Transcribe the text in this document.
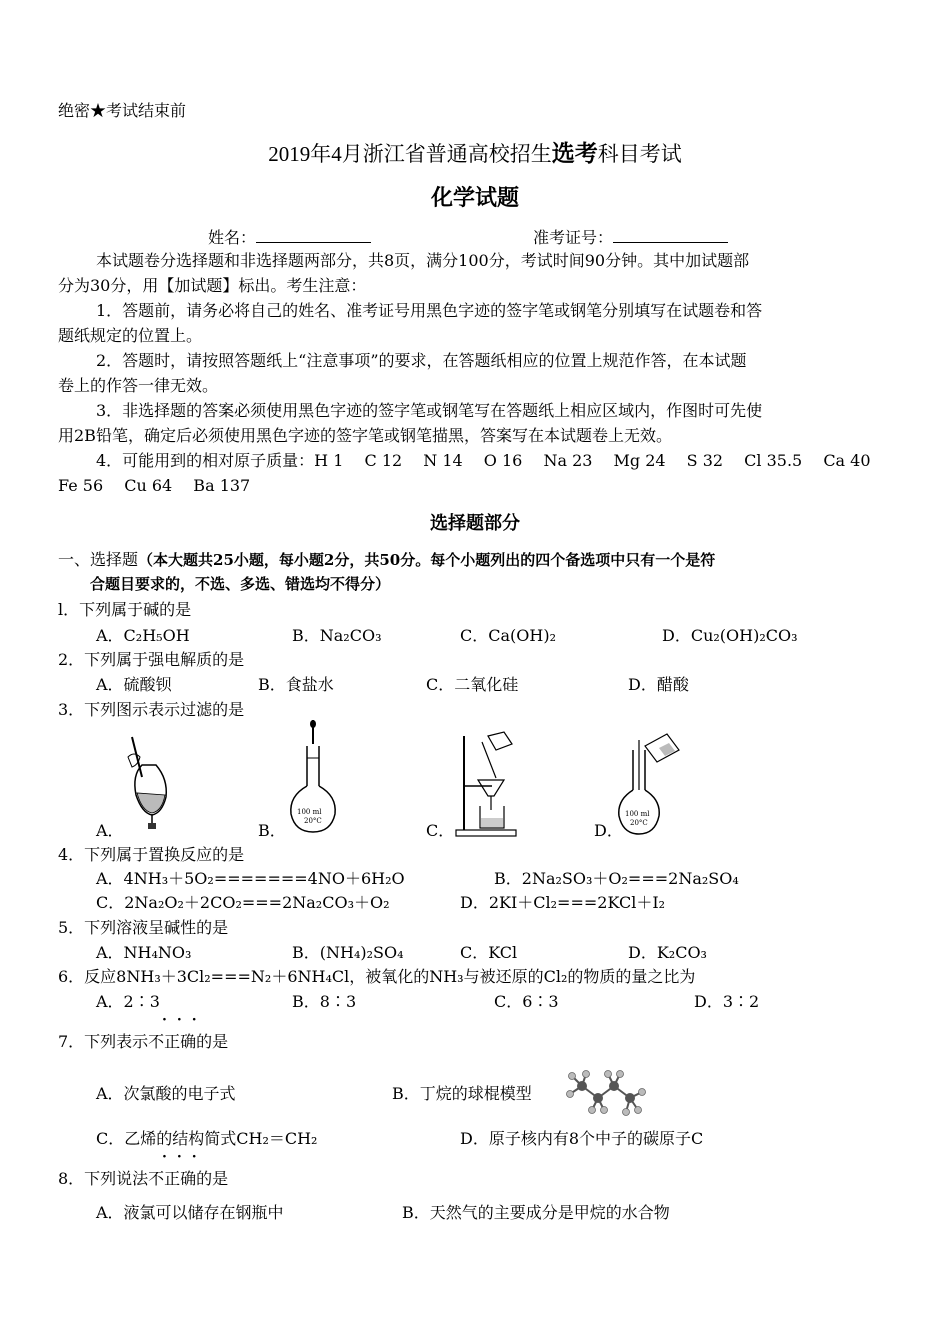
绝密★考试结束前
2019年4月浙江省普通高校招生选考科目考试
化学试题
姓名：	准考证号：
本试题卷分选择题和非选择题两部分，共8页，满分100分，考试时间90分钟。其中加试题部
分为30分，用【加试题】标出。考生注意：
1．答题前，请务必将自己的姓名、准考证号用黑色字迹的签字笔或钢笔分别填写在试题卷和答
题纸规定的位置上。
2．答题时，请按照答题纸上“注意事项”的要求，在答题纸相应的位置上规范作答，在本试题
卷上的作答一律无效。
3．非选择题的答案必须使用黑色字迹的签字笔或钢笔写在答题纸上相应区域内，作图时可先使
用2B铅笔，确定后必须使用黑色字迹的签字笔或钢笔描黑，答案写在本试题卷上无效。
4．可能用到的相对原子质量：H 1　 C 12　 N 14　 O 16　 Na 23　 Mg 24　 S 32　 Cl 35.5　 Ca 40
Fe 56　 Cu 64　 Ba 137
选择题部分
一、选择题（本大题共25小题，每小题2分，共50分。每个小题列出的四个备选项中只有一个是符
合题目要求的，不选、多选、错选均不得分）
l．下列属于碱的是
A．C₂H₅OH	B．Na₂CO₃	C．Ca(OH)₂	D．Cu₂(OH)₂CO₃
2．下列属于强电解质的是
A．硫酸钡	B．食盐水	C．二氧化硅	D．醋酸
3．下列图示表示过滤的是
A．	B．	C．	D．
100 ml
20°C
100 ml
20°C
4．下列属于置换反应的是
A．4NH₃＋5O₂=======4NO＋6H₂O	B．2Na₂SO₃＋O₂===2Na₂SO₄
C．2Na₂O₂＋2CO₂===2Na₂CO₃＋O₂	D．2KI＋Cl₂===2KCl＋I₂
5．下列溶液呈碱性的是
A．NH₄NO₃	B．(NH₄)₂SO₄	C．KCl	D．K₂CO₃
6．反应8NH₃＋3Cl₂===N₂＋6NH₄Cl，被氧化的NH₃与被还原的Cl₂的物质的量之比为
A．2∶3	B．8∶3	C．6∶3	D．3∶2
···
7．下列表示不正确的是
A．次氯酸的电子式	B．丁烷的球棍模型
C．乙烯的结构简式CH₂＝CH₂	D．原子核内有8个中子的碳原子C
···
8．下列说法不正确的是
A．液氯可以储存在钢瓶中	B．天然气的主要成分是甲烷的水合物
